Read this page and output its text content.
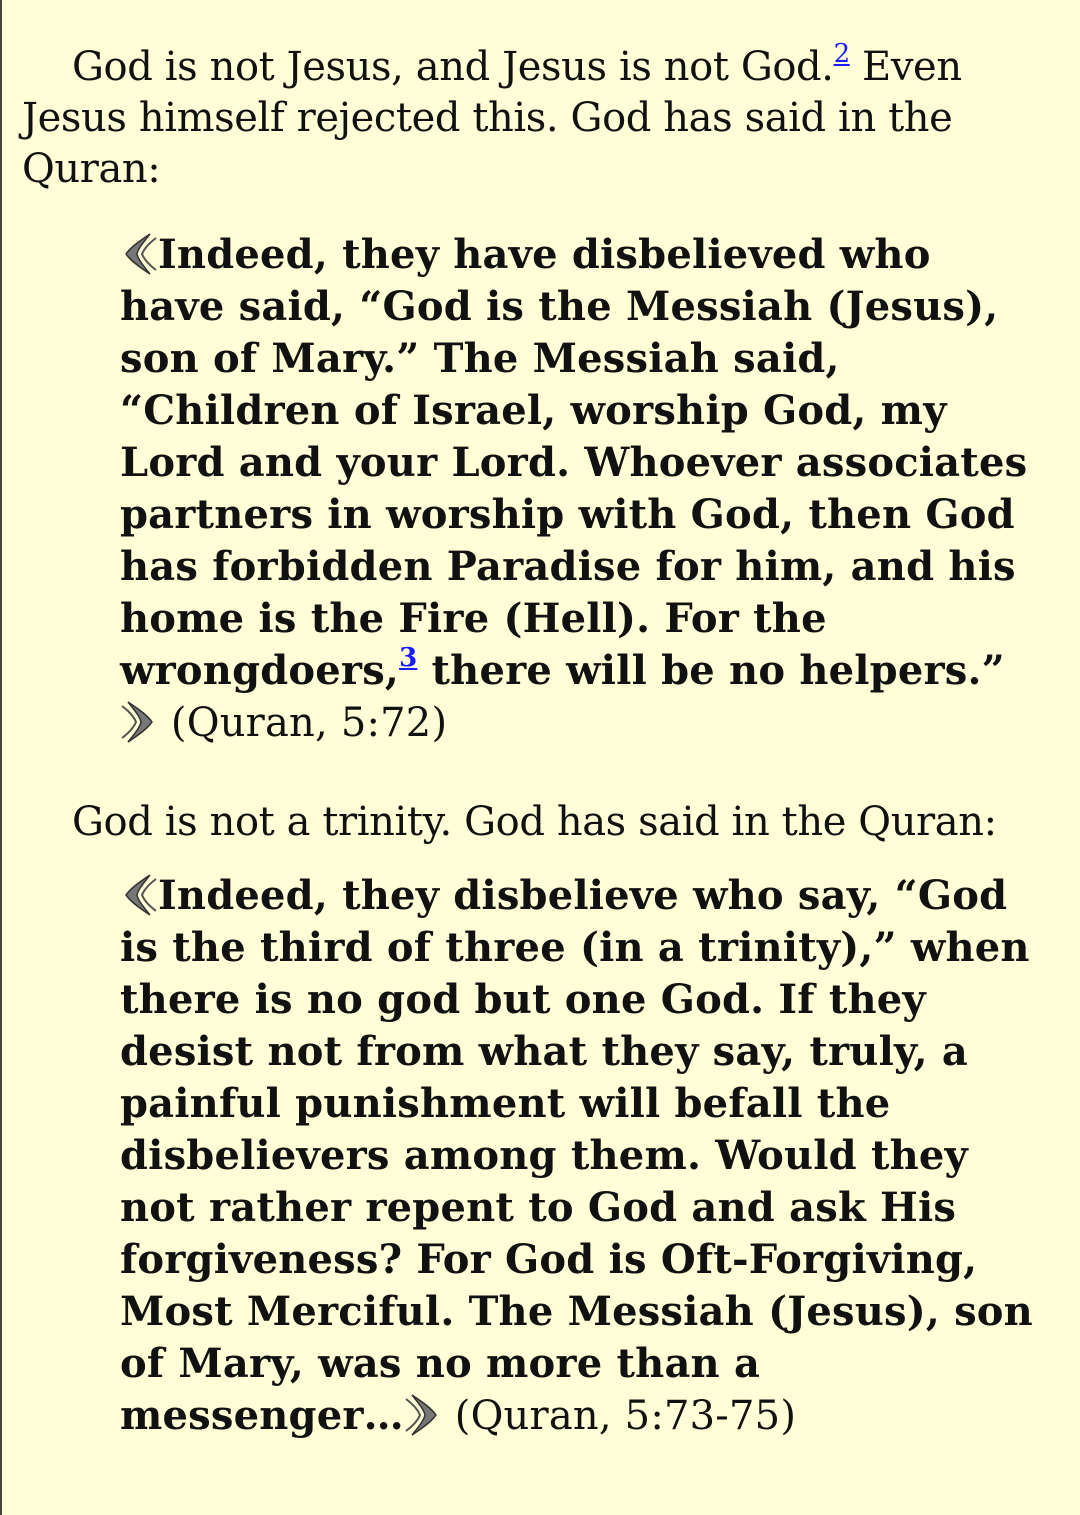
God is not Jesus, and Jesus is not God.$^2$ Even Jesus himself rejected this. God has said in the Quran:

Indeed, they have disbelieved who have said, “God is the Messiah (Jesus), son of Mary.” The Messiah said, “Children of Israel, worship God, my Lord and your Lord. Whoever associates partners in worship with God, then God has forbidden Paradise for him, and his home is the Fire (Hell). For the wrongdoers,$^3$ there will be no helpers.”
(Quran, 5:72)

God is not a trinity. God has said in the Quran:

Indeed, they disbelieve who say, “God is the third of three (in a trinity),” when there is no god but one God. If they desist not from what they say, truly, a painful punishment will befall the disbelievers among them. Would they not rather repent to God and ask His forgiveness? For God is Oft-Forgiving, Most Merciful. The Messiah (Jesus), son of Mary, was no more than a messenger…
(Quran, 5:73-75)
